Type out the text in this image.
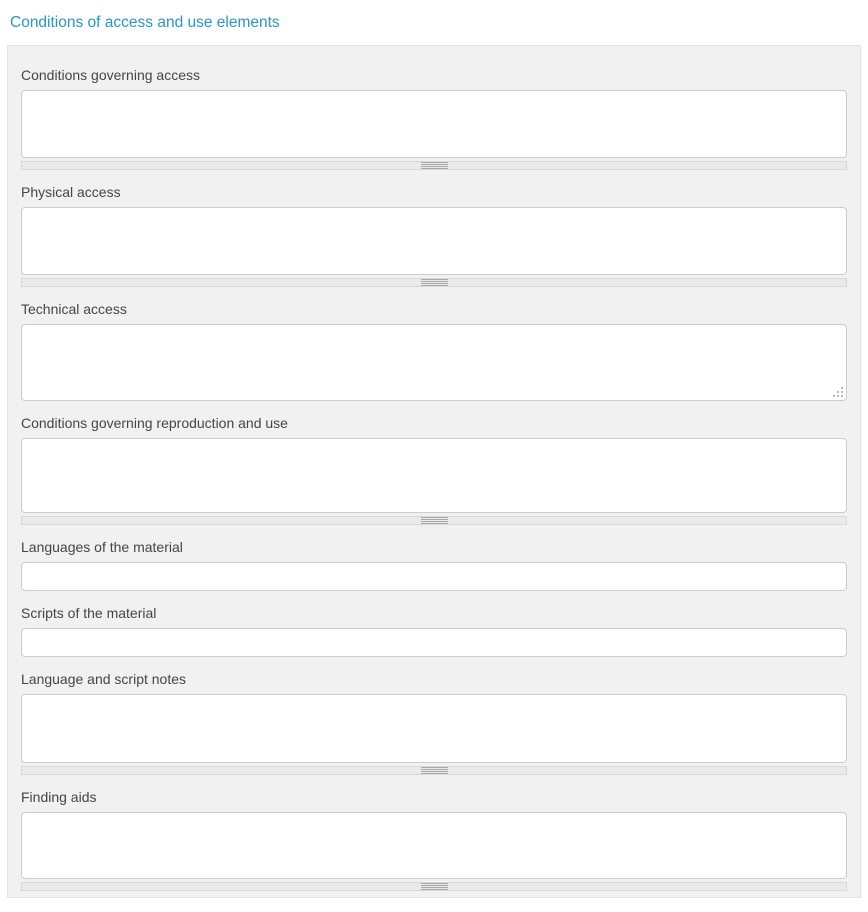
Conditions of access and use elements
Conditions governing access
Physical access
Technical access
Conditions governing reproduction and use
Languages of the material
Scripts of the material
Language and script notes
Finding aids
